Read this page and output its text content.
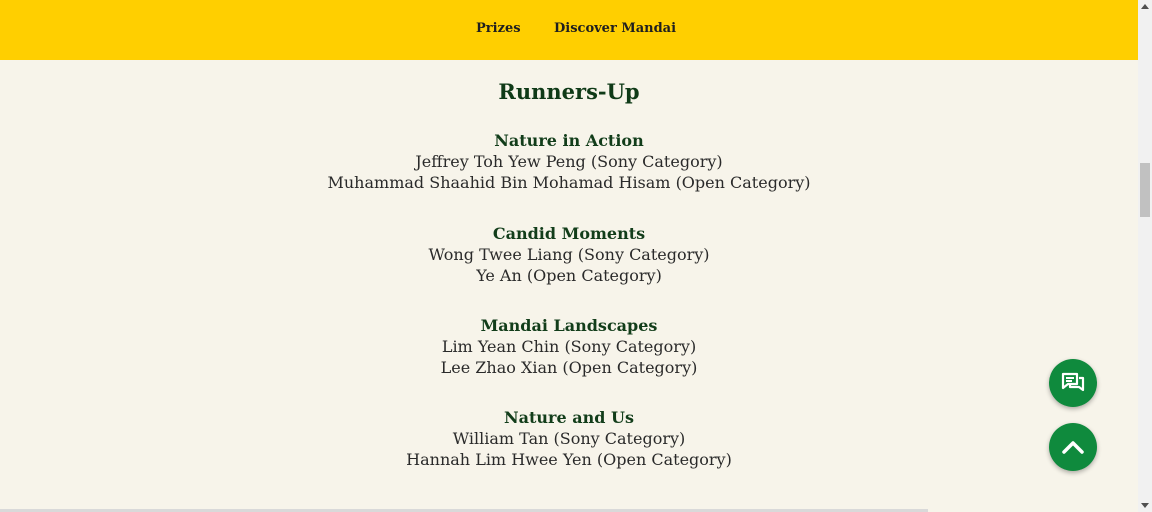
Prizes	Discover Mandai
Runners-Up
Nature in Action
Jeffrey Toh Yew Peng (Sony Category)
Muhammad Shaahid Bin Mohamad Hisam (Open Category)
Candid Moments
Wong Twee Liang (Sony Category)
Ye An (Open Category)
Mandai Landscapes
Lim Yean Chin (Sony Category)
Lee Zhao Xian (Open Category)
Nature and Us
William Tan (Sony Category)
Hannah Lim Hwee Yen (Open Category)
